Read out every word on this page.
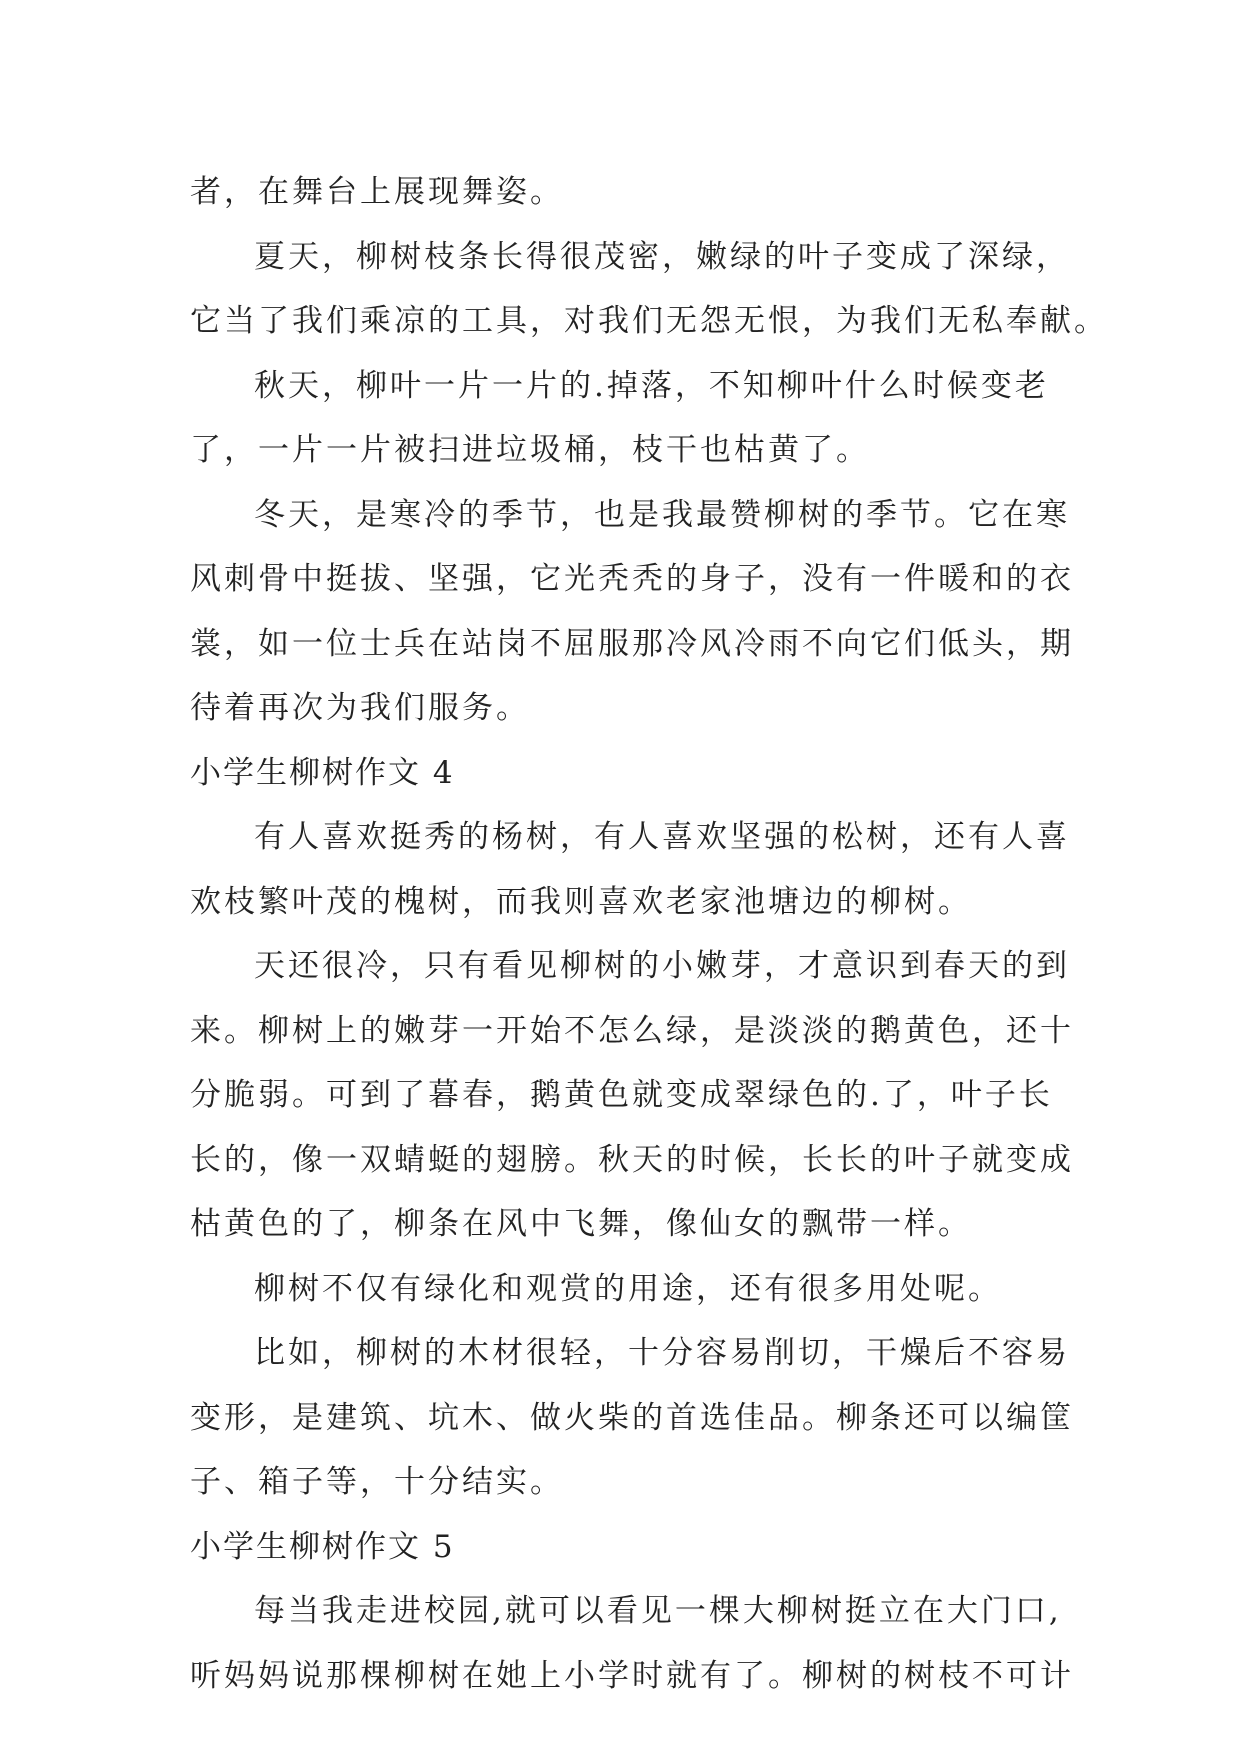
者，在舞台上展现舞姿。
夏天，柳树枝条长得很茂密，嫩绿的叶子变成了深绿，
它当了我们乘凉的工具，对我们无怨无恨，为我们无私奉献。
秋天，柳叶一片一片的.掉落，不知柳叶什么时候变老
了，一片一片被扫进垃圾桶，枝干也枯黄了。
冬天，是寒冷的季节，也是我最赞柳树的季节。它在寒
风刺骨中挺拔、坚强，它光秃秃的身子，没有一件暖和的衣
裳，如一位士兵在站岗不屈服那冷风冷雨不向它们低头，期
待着再次为我们服务。
小学生柳树作文 4
有人喜欢挺秀的杨树，有人喜欢坚强的松树，还有人喜
欢枝繁叶茂的槐树，而我则喜欢老家池塘边的柳树。
天还很冷，只有看见柳树的小嫩芽，才意识到春天的到
来。柳树上的嫩芽一开始不怎么绿，是淡淡的鹅黄色，还十
分脆弱。可到了暮春，鹅黄色就变成翠绿色的.了，叶子长
长的，像一双蜻蜓的翅膀。秋天的时候，长长的叶子就变成
枯黄色的了，柳条在风中飞舞，像仙女的飘带一样。
柳树不仅有绿化和观赏的用途，还有很多用处呢。
比如，柳树的木材很轻，十分容易削切，干燥后不容易
变形，是建筑、坑木、做火柴的首选佳品。柳条还可以编筐
子、箱子等，十分结实。
小学生柳树作文 5
每当我走进校园,就可以看见一棵大柳树挺立在大门口,
听妈妈说那棵柳树在她上小学时就有了。柳树的树枝不可计
